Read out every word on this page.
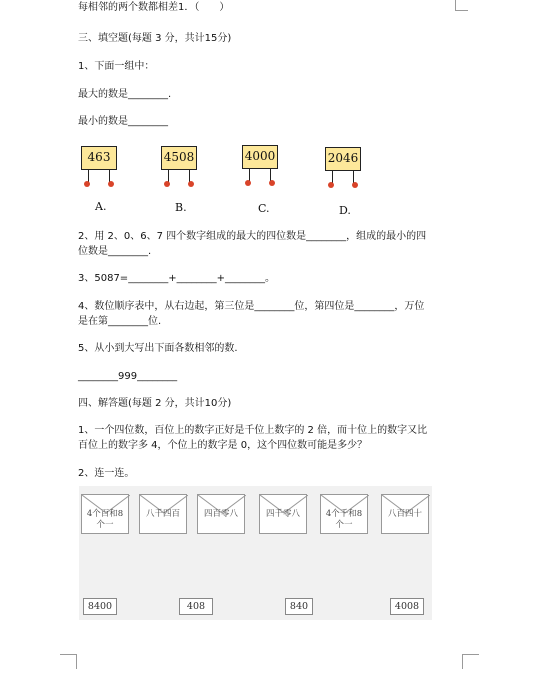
每相邻的两个数都相差1．（　　）
三、填空题(每题 3 分，共计15分)
1、下面一组中：
最大的数是________.
最小的数是________
463
A.
4508
B.
4000
C.
2046
D.
2、用 2、0、6、7 四个数字组成的最大的四位数是________，组成的最小的四
位数是________.
3、5087=________+________+________。
4、数位顺序表中，从右边起，第三位是________位，第四位是________，万位
是在第________位.
5、从小到大写出下面各数相邻的数.
________999________
四、解答题(每题 2 分，共计10分)
1、一个四位数，百位上的数字正好是千位上数字的 2 倍，而十位上的数字又比
百位上的数字多 4，个位上的数字是 0，这个四位数可能是多少？
2、连一连。
4个百和8个一
八千四百	四百零八	四千零八	4个千和8个一
八百四十
8400	408	840	4008
